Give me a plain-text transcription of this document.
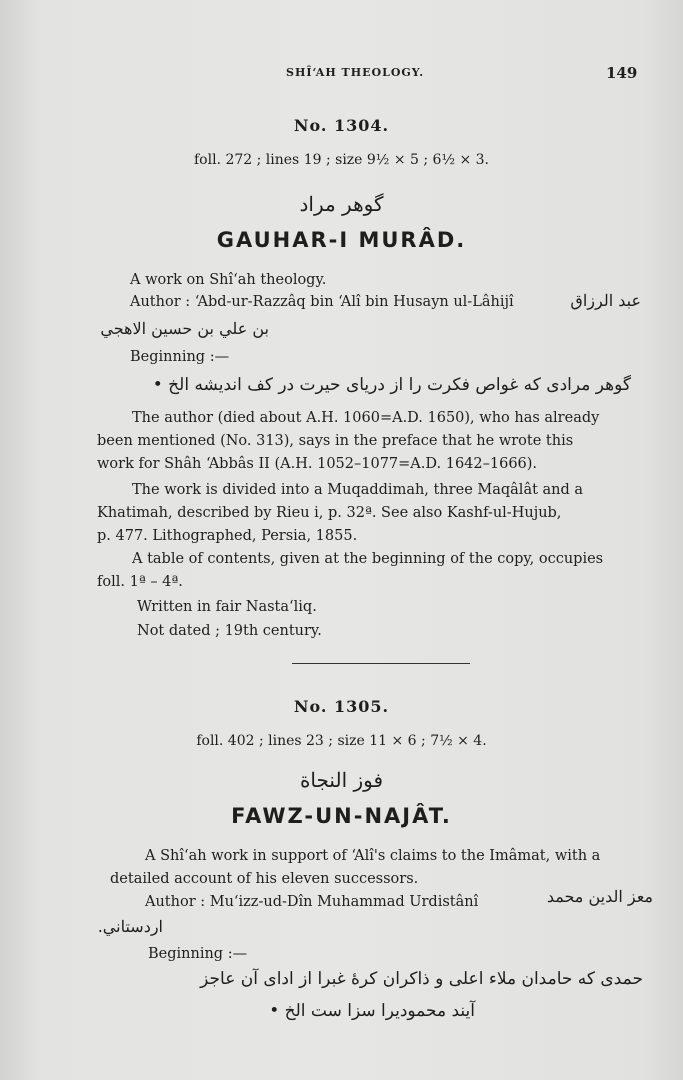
SHÎ‘AH THEOLOGY.	149
No. 1304.
foll. 272 ; lines 19 ; size 9½ × 5 ; 6½ × 3.
گوهر مراد
GAUHAR-I MURÂD.
A work on Shî‘ah theology.
Author : ‘Abd-ur-Razzâq bin ‘Alî bin Husayn ul-Lâhijî	عبد الرزاق
بن علي بن حسين الاهجي
Beginning :—
گوهر مرادی که غواص فکرت را از دریای حیرت در کف اندیشه الخ •
The author (died about A.H. 1060=A.D. 1650), who has already
been mentioned (No. 313), says in the preface that he wrote this
work for Shâh ‘Abbâs II (A.H. 1052–1077=A.D. 1642–1666).
The work is divided into a Muqaddimah, three Maqâlât and a
Khatimah, described by Rieu i, p. 32ª. See also Kashf-ul-Hujub,
p. 477. Lithographed, Persia, 1855.
A table of contents, given at the beginning of the copy, occupies
foll. 1ª – 4ª.
Written in fair Nasta‘liq.
Not dated ; 19th century.
No. 1305.
foll. 402 ; lines 23 ; size 11 × 6 ; 7½ × 4.
فوز النجاة
FAWZ-UN-NAJÂT.
A Shî‘ah work in support of ‘Alî's claims to the Imâmat, with a
detailed account of his eleven successors.
Author : Mu‘izz-ud-Dîn Muhammad Urdistânî	معز الدين محمد
اردستاني.
Beginning :—
حمدی که حامدان ملاء اعلی و ذاکران کرهٔ غبرا از ادای آن عاجز
آیند محمودیرا سزا ست الخ •
